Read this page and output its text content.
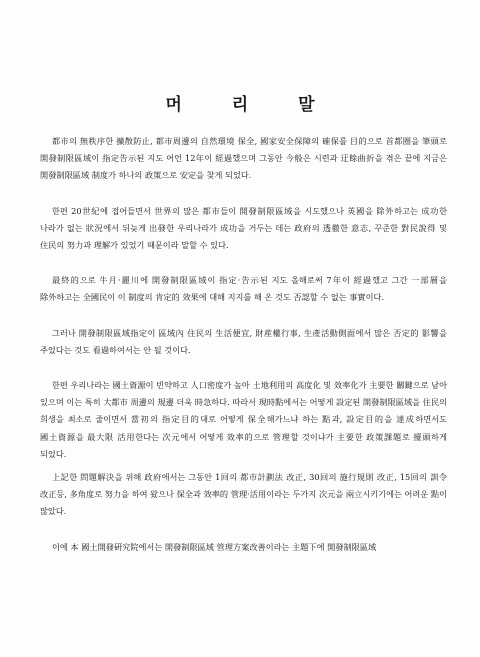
머 리 말

都市의 無秩序한 擴散防止, 都市周邊의 自然環境 保全, 國家安全保障의 確保를 目的으로 首都圈을 筆頭로 開發制限區域이 指定告示된 지도 어언 12年이 經過했으며 그동안 今般은 시련과 迂餘曲折을 겪은 끝에 지금은 開發制限區域 制度가 하나의 政策으로 安定을 찾게 되었다.

한편 20世紀에 접어들면서 世界의 많은 都市들이 開發制限區域을 시도했으나 英國을 除外하고는 成功한 나라가 없는 狀況에서 뒤늦게 出發한 우리나라가 成功을 거두는 데는 政府의 透徹한 意志, 꾸준한 對民說得 및 住民의 努力과 理解가 있었기 때문이라 말할 수 있다.

最終的으로 牛月·麗川에 開發制限區域이 指定·告示된 지도 올해로써 7年이 經過했고 그간 一部層을 除外하고는 全國民이 이 制度의 肯定的 效果에 대해 지지를 해 온 것도 否認할 수 없는 事實이다.

그러나 開發制限區域指定이 區域內 住民의 生活便宜, 財産權行事, 生產活動側面에서 많은 否定的 影響을 주었다는 것도 看過하여서는 안 될 것이다.

한편 우리나라는 國土資源이 빈약하고 人口密度가 높아 土地利用의 高度化 및 效率化가 主要한 關鍵으로 남아 있으며 이는 특히 大都市 周邊의 規邊 더욱 時急하다. 따라서 現時點에서는 어떻게 設定된 開發制限區域을 住民의 희생을 최소로 줄이면서 當初의 指定目的대로 어떻게 保全해가느냐 하는 點과, 設定目的을 達成하면서도 國土資源을 最大限 活用한다는 次元에서 어떻게 效率的으로 管理할 것이냐가 主要한 政策課題로 擡頭하게 되었다.

上記한 問題解決을 위해 政府에서는 그동안 1回의 都市計劃法 改正, 30回의 施行規則 改正, 15回의 訓令 改正등, 多角度로 努力을 하여 왔으나 保全과 效率的 管理·活用이라는 두가지 次元을 兩立시키기에는 어려운 點이 많았다.

이에 本 國土開發硏究院에서는 開發制限區域 管理方案改善이라는 主題下에 開發制限區域
